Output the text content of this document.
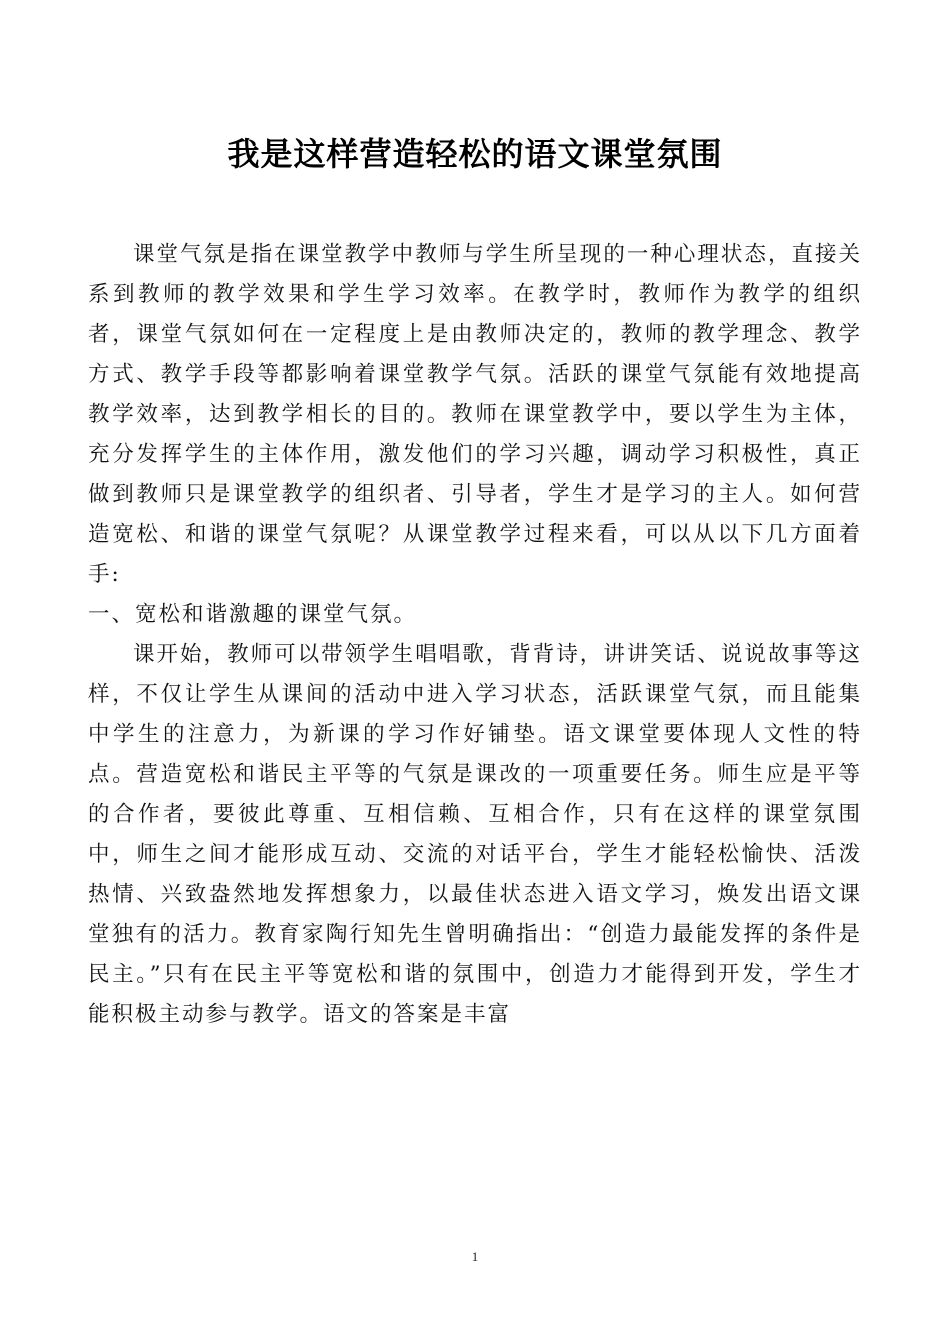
我是这样营造轻松的语文课堂氛围

课堂气氛是指在课堂教学中教师与学生所呈现的一种心理状态，直接关系到教师的教学效果和学生学习效率。在教学时，教师作为教学的组织者，课堂气氛如何在一定程度上是由教师决定的，教师的教学理念、教学方式、教学手段等都影响着课堂教学气氛。活跃的课堂气氛能有效地提高教学效率，达到教学相长的目的。教师在课堂教学中，要以学生为主体，充分发挥学生的主体作用，激发他们的学习兴趣，调动学习积极性，真正做到教师只是课堂教学的组织者、引导者，学生才是学习的主人。如何营造宽松、和谐的课堂气氛呢？从课堂教学过程来看，可以从以下几方面着手:

一、宽松和谐激趣的课堂气氛。

课开始，教师可以带领学生唱唱歌，背背诗，讲讲笑话、说说故事等这样，不仅让学生从课间的活动中进入学习状态，活跃课堂气氛，而且能集中学生的注意力，为新课的学习作好铺垫。语文课堂要体现人文性的特点。营造宽松和谐民主平等的气氛是课改的一项重要任务。师生应是平等的合作者，要彼此尊重、互相信赖、互相合作，只有在这样的课堂氛围中，师生之间才能形成互动、交流的对话平台，学生才能轻松愉快、活泼热情、兴致盎然地发挥想象力，以最佳状态进入语文学习，焕发出语文课堂独有的活力。教育家陶行知先生曾明确指出：“创造力最能发挥的条件是民主。”只有在民主平等宽松和谐的氛围中，创造力才能得到开发，学生才能积极主动参与教学。语文的答案是丰富

1
